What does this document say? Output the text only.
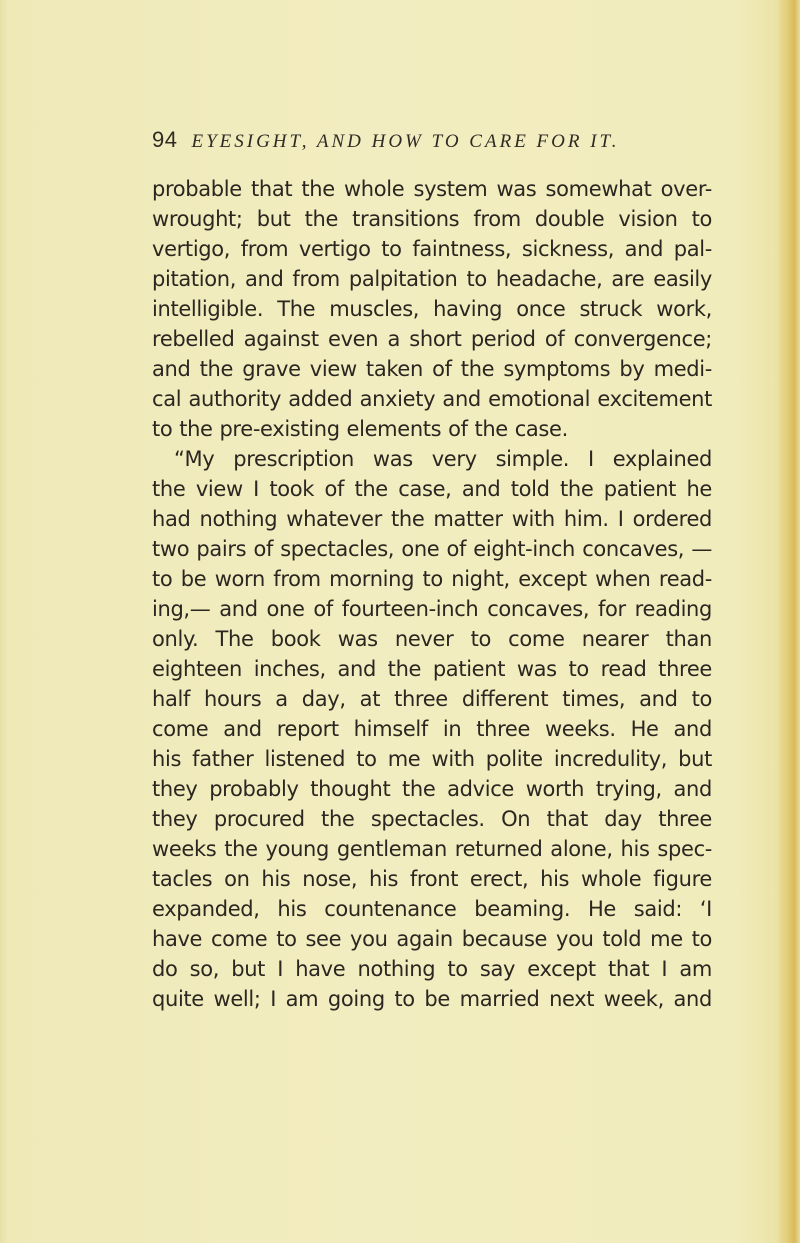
94 EYESIGHT, AND HOW TO CARE FOR IT.
probable that the whole system was somewhat over-
wrought; but the transitions from double vision to
vertigo, from vertigo to faintness, sickness, and pal-
pitation, and from palpitation to headache, are easily
intelligible. The muscles, having once struck work,
rebelled against even a short period of convergence;
and the grave view taken of the symptoms by medi-
cal authority added anxiety and emotional excitement
to the pre-existing elements of the case.
“My prescription was very simple. I explained
the view I took of the case, and told the patient he
had nothing whatever the matter with him. I ordered
two pairs of spectacles, one of eight-inch concaves, —
to be worn from morning to night, except when read-
ing,— and one of fourteen-inch concaves, for reading
only. The book was never to come nearer than
eighteen inches, and the patient was to read three
half hours a day, at three different times, and to
come and report himself in three weeks. He and
his father listened to me with polite incredulity, but
they probably thought the advice worth trying, and
they procured the spectacles. On that day three
weeks the young gentleman returned alone, his spec-
tacles on his nose, his front erect, his whole figure
expanded, his countenance beaming. He said: ‘I
have come to see you again because you told me to
do so, but I have nothing to say except that I am
quite well; I am going to be married next week, and
